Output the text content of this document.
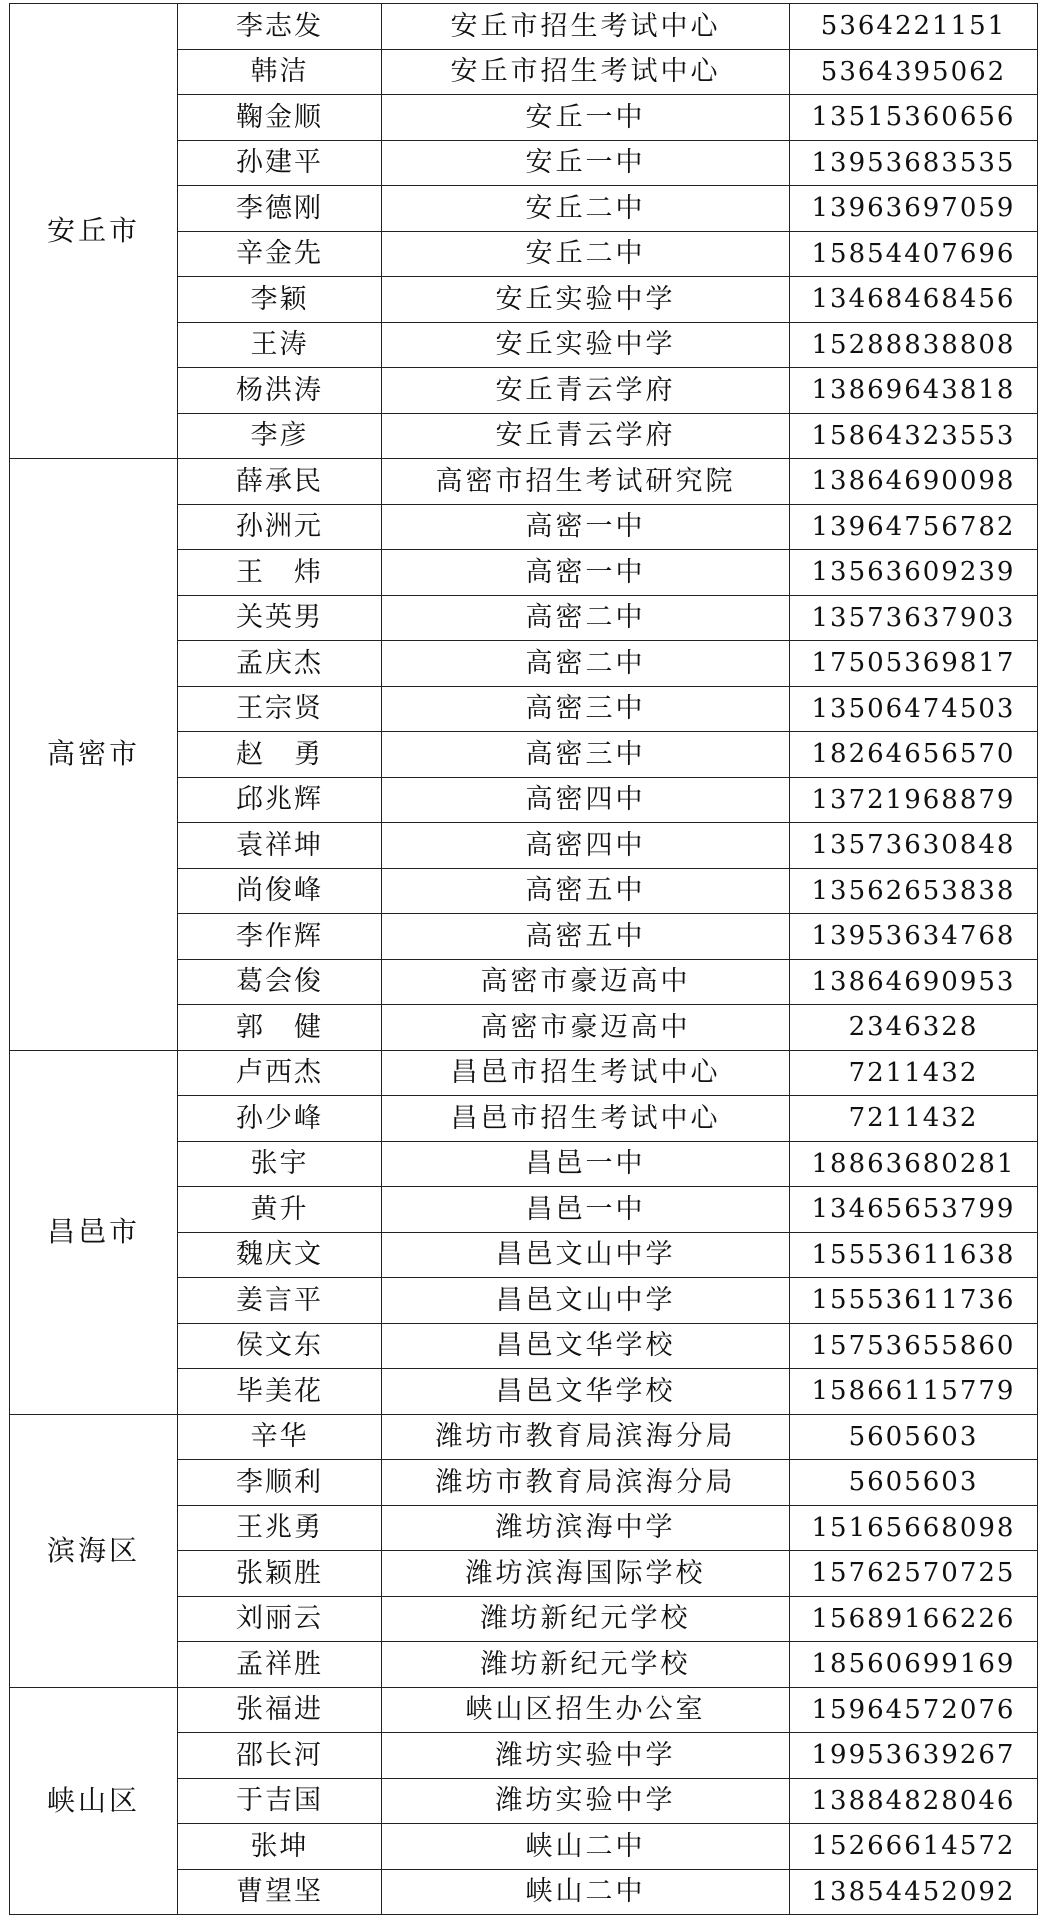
安丘市	李志发	安丘市招生考试中心	5364221151
	韩洁	安丘市招生考试中心	5364395062
	鞠金顺	安丘一中	13515360656
	孙建平	安丘一中	13953683535
	李德刚	安丘二中	13963697059
	辛金先	安丘二中	15854407696
	李颖	安丘实验中学	13468468456
	王涛	安丘实验中学	15288838808
	杨洪涛	安丘青云学府	13869643818
	李彦	安丘青云学府	15864323553
高密市	薛承民	高密市招生考试研究院	13864690098
	孙洲元	高密一中	13964756782
	王　炜	高密一中	13563609239
	关英男	高密二中	13573637903
	孟庆杰	高密二中	17505369817
	王宗贤	高密三中	13506474503
	赵　勇	高密三中	18264656570
	邱兆辉	高密四中	13721968879
	袁祥坤	高密四中	13573630848
	尚俊峰	高密五中	13562653838
	李作辉	高密五中	13953634768
	葛会俊	高密市豪迈高中	13864690953
	郭　健	高密市豪迈高中	2346328
昌邑市	卢西杰	昌邑市招生考试中心	7211432
	孙少峰	昌邑市招生考试中心	7211432
	张宇	昌邑一中	18863680281
	黄升	昌邑一中	13465653799
	魏庆文	昌邑文山中学	15553611638
	姜言平	昌邑文山中学	15553611736
	侯文东	昌邑文华学校	15753655860
	毕美花	昌邑文华学校	15866115779
滨海区	辛华	潍坊市教育局滨海分局	5605603
	李顺利	潍坊市教育局滨海分局	5605603
	王兆勇	潍坊滨海中学	15165668098
	张颖胜	潍坊滨海国际学校	15762570725
	刘丽云	潍坊新纪元学校	15689166226
	孟祥胜	潍坊新纪元学校	18560699169
峡山区	张福进	峡山区招生办公室	15964572076
	邵长河	潍坊实验中学	19953639267
	于吉国	潍坊实验中学	13884828046
	张坤	峡山二中	15266614572
	曹望坚	峡山二中	13854452092
